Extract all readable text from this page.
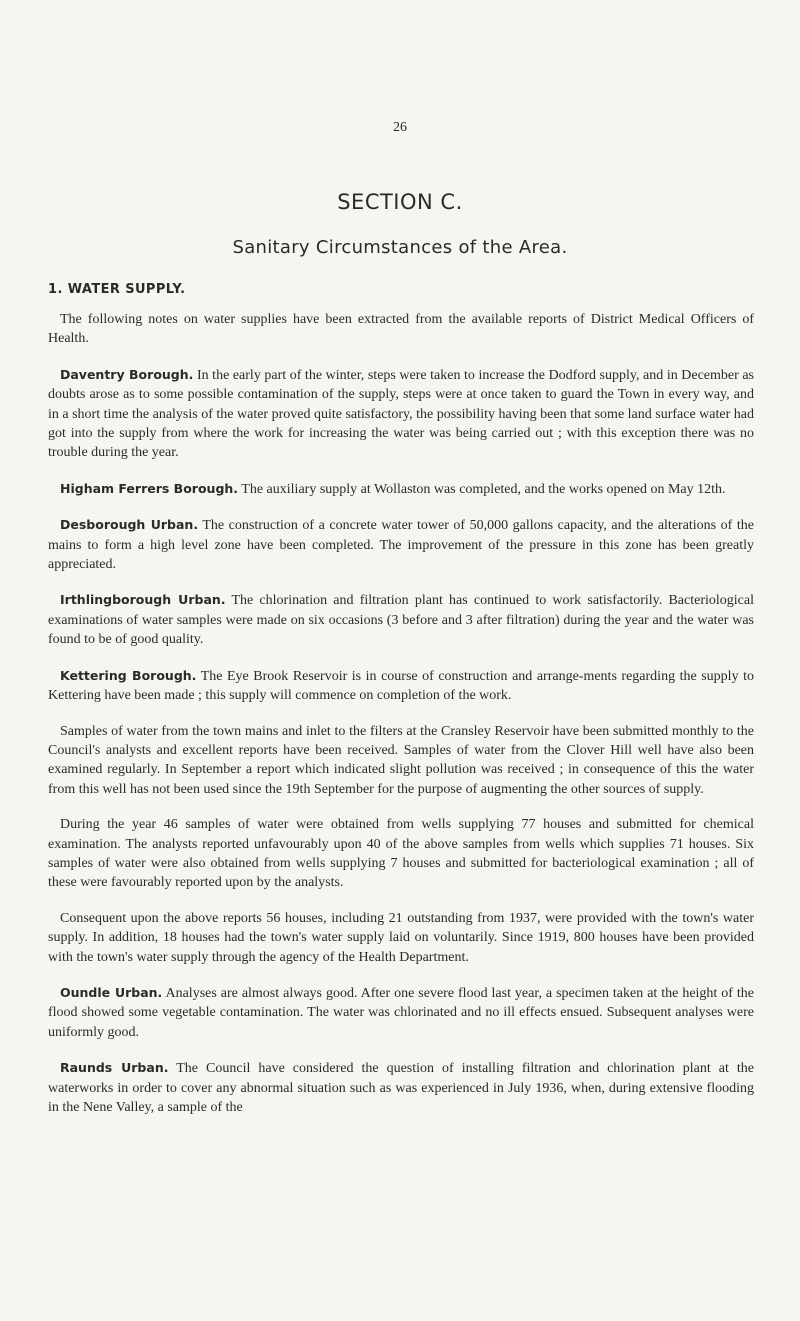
26
SECTION C.
Sanitary Circumstances of the Area.
1. WATER SUPPLY.

The following notes on water supplies have been extracted from the available reports of District Medical Officers of Health.

Daventry Borough. In the early part of the winter, steps were taken to increase the Dodford supply, and in December as doubts arose as to some possible contamination of the supply, steps were at once taken to guard the Town in every way, and in a short time the analysis of the water proved quite satisfactory, the possibility having been that some land surface water had got into the supply from where the work for increasing the water was being carried out ; with this exception there was no trouble during the year.

Higham Ferrers Borough. The auxiliary supply at Wollaston was completed, and the works opened on May 12th.

Desborough Urban. The construction of a concrete water tower of 50,000 gallons capacity, and the alterations of the mains to form a high level zone have been completed. The improvement of the pressure in this zone has been greatly appreciated.

Irthlingborough Urban. The chlorination and filtration plant has continued to work satisfactorily. Bacteriological examinations of water samples were made on six occasions (3 before and 3 after filtration) during the year and the water was found to be of good quality.

Kettering Borough. The Eye Brook Reservoir is in course of construction and arrange-ments regarding the supply to Kettering have been made ; this supply will commence on completion of the work.

Samples of water from the town mains and inlet to the filters at the Cransley Reservoir have been submitted monthly to the Council's analysts and excellent reports have been received. Samples of water from the Clover Hill well have also been examined regularly. In September a report which indicated slight pollution was received ; in consequence of this the water from this well has not been used since the 19th September for the purpose of augmenting the other sources of supply.

During the year 46 samples of water were obtained from wells supplying 77 houses and submitted for chemical examination. The analysts reported unfavourably upon 40 of the above samples from wells which supplies 71 houses. Six samples of water were also obtained from wells supplying 7 houses and submitted for bacteriological examination ; all of these were favourably reported upon by the analysts.

Consequent upon the above reports 56 houses, including 21 outstanding from 1937, were provided with the town's water supply. In addition, 18 houses had the town's water supply laid on voluntarily. Since 1919, 800 houses have been provided with the town's water supply through the agency of the Health Department.

Oundle Urban. Analyses are almost always good. After one severe flood last year, a specimen taken at the height of the flood showed some vegetable contamination. The water was chlorinated and no ill effects ensued. Subsequent analyses were uniformly good.

Raunds Urban. The Council have considered the question of installing filtration and chlorination plant at the waterworks in order to cover any abnormal situation such as was experienced in July 1936, when, during extensive flooding in the Nene Valley, a sample of the
